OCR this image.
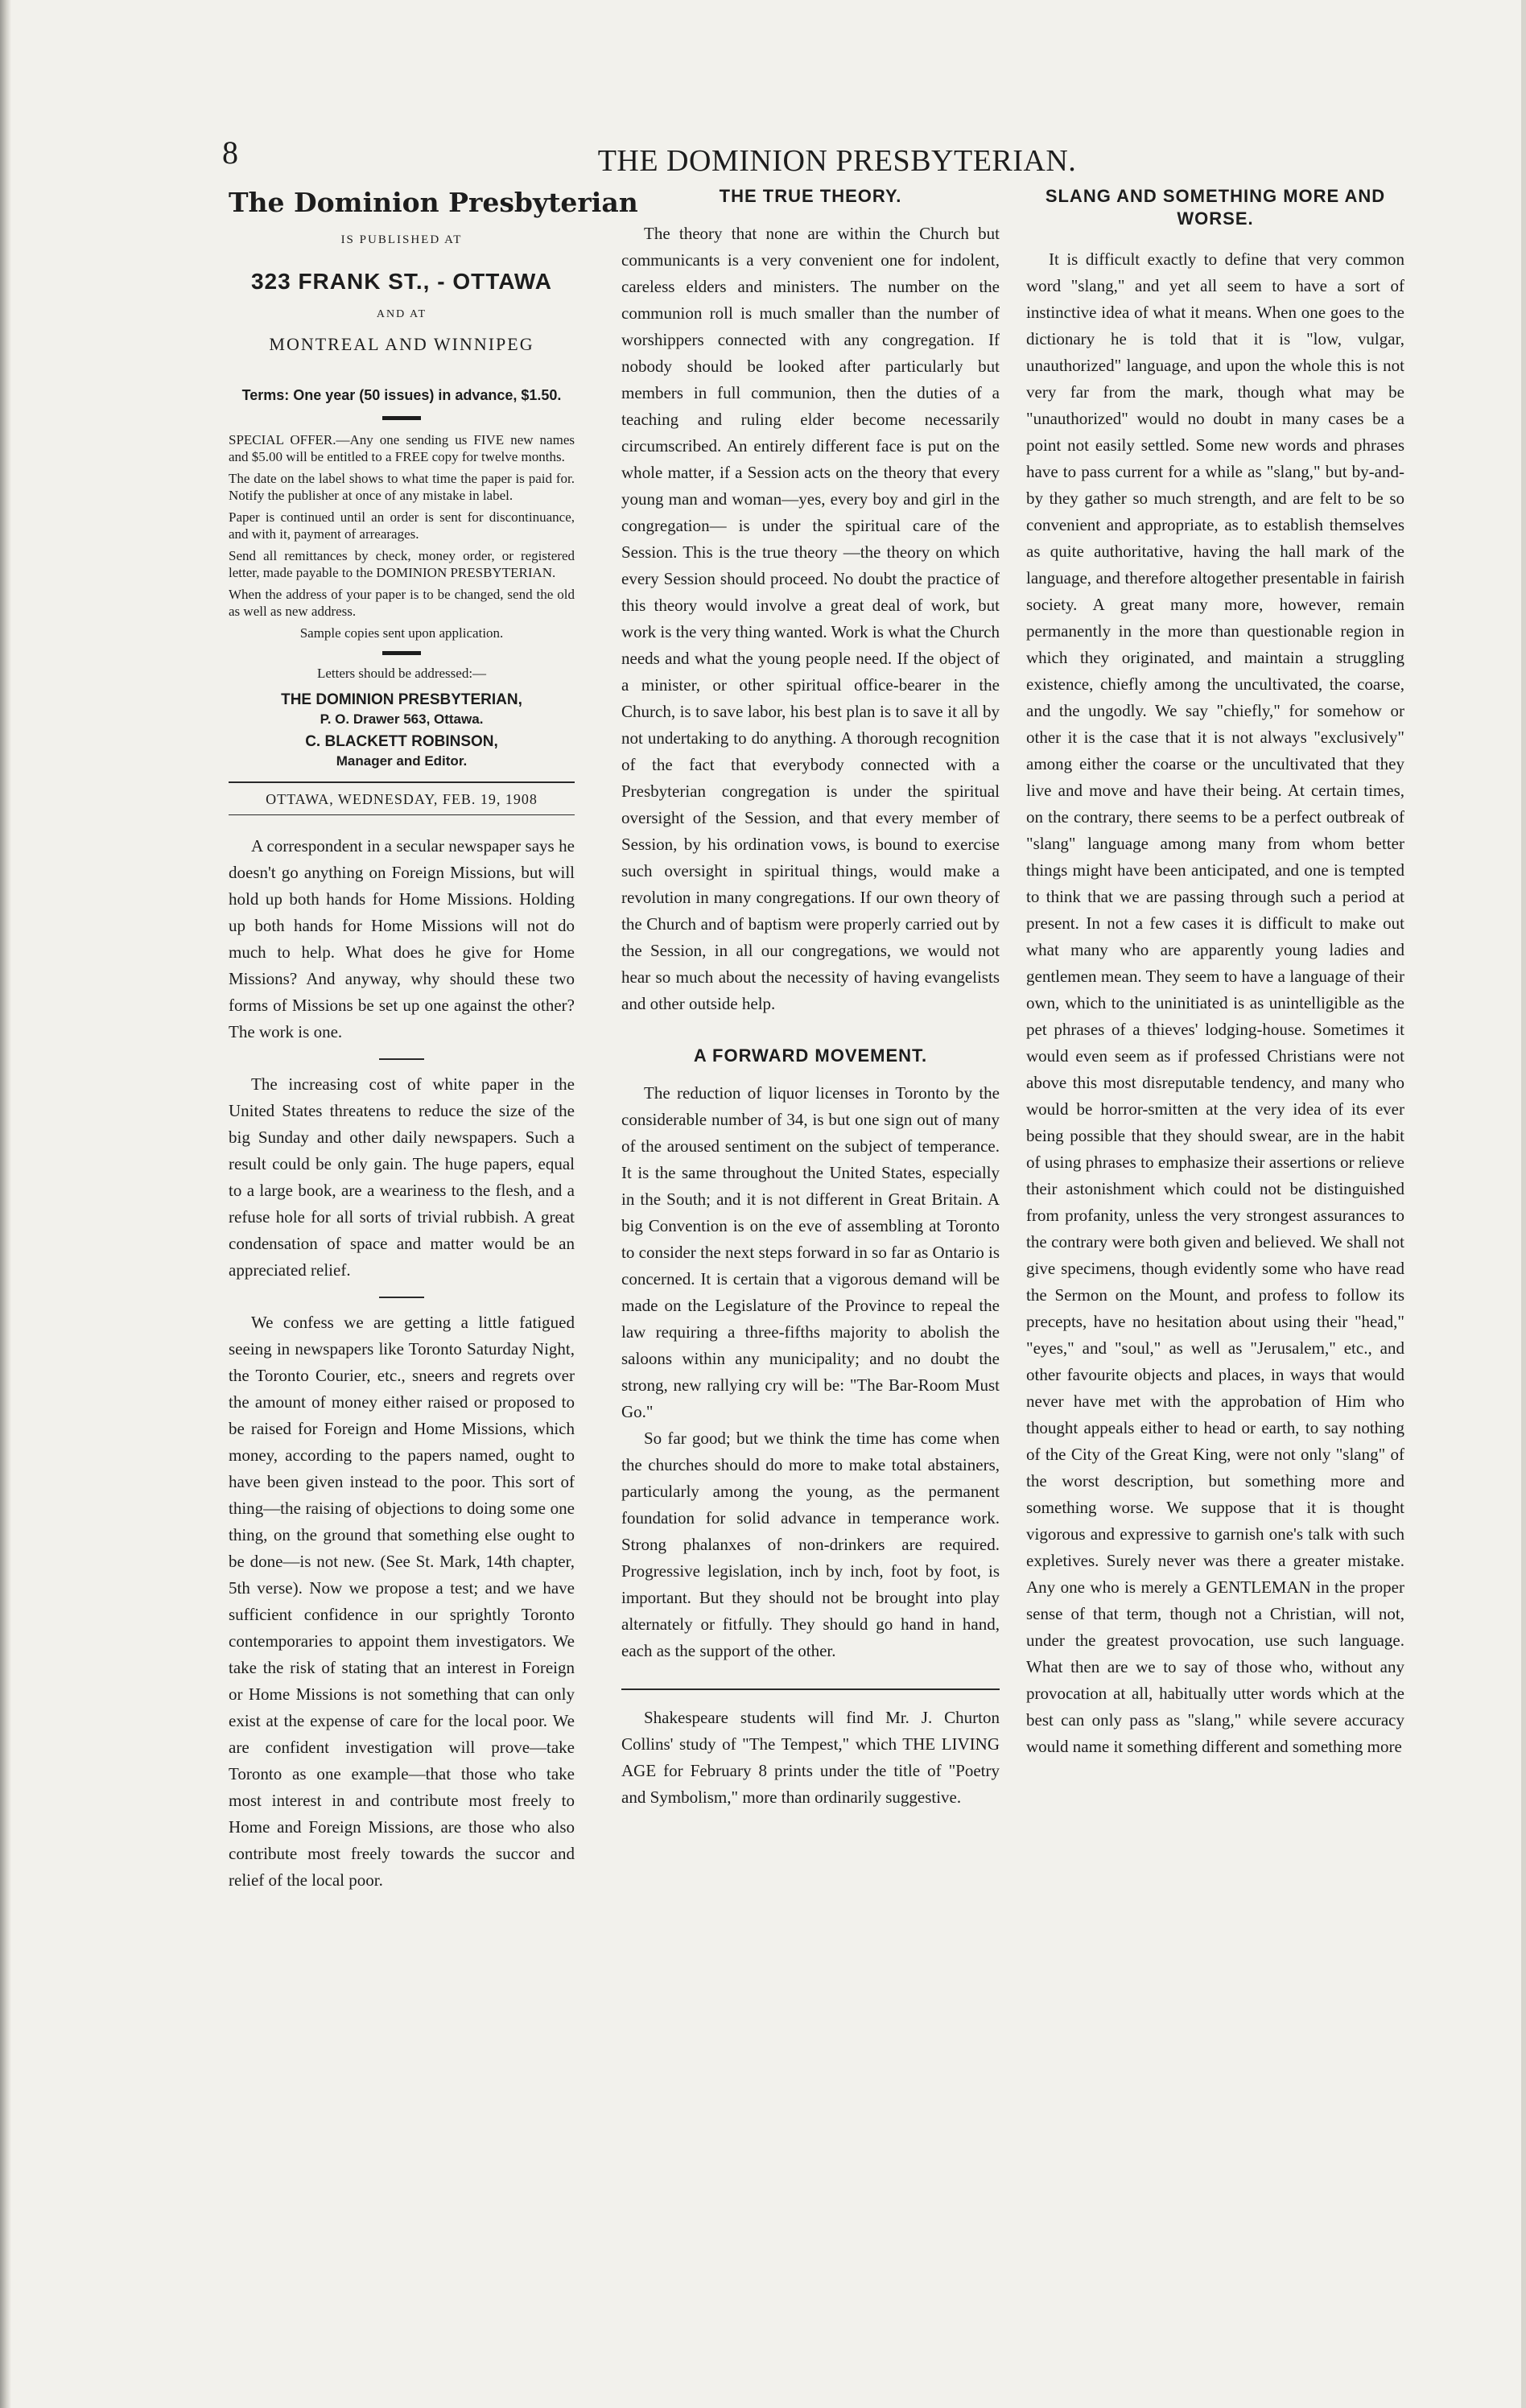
8	THE DOMINION PRESBYTERIAN.
The Dominion Presbyterian
IS PUBLISHED AT
323 FRANK ST., - OTTAWA
AND AT
MONTREAL AND WINNIPEG
Terms: One year (50 issues) in advance, $1.50.
SPECIAL OFFER.—Any one sending us FIVE new names and $5.00 will be entitled to a FREE copy for twelve months.
The date on the label shows to what time the paper is paid for. Notify the publisher at once of any mistake in label.
Paper is continued until an order is sent for discontinuance, and with it, payment of arrearages.
Send all remittances by check, money order, or registered letter, made payable to the DOMINION PRESBYTERIAN.
When the address of your paper is to be changed, send the old as well as new address.
Sample copies sent upon application.
Letters should be addressed:—
THE DOMINION PRESBYTERIAN,
P. O. Drawer 563, Ottawa.
C. BLACKETT ROBINSON,
Manager and Editor.
OTTAWA, WEDNESDAY, FEB. 19, 1908

A correspondent in a secular newspaper says he doesn't go anything on Foreign Missions, but will hold up both hands for Home Missions. Holding up both hands for Home Missions will not do much to help. What does he give for Home Missions? And anyway, why should these two forms of Missions be set up one against the other? The work is one.

The increasing cost of white paper in the United States threatens to reduce the size of the big Sunday and other daily newspapers. Such a result could be only gain. The huge papers, equal to a large book, are a weariness to the flesh, and a refuse hole for all sorts of trivial rubbish. A great condensation of space and matter would be an appreciated relief.

We confess we are getting a little fatigued seeing in newspapers like Toronto Saturday Night, the Toronto Courier, etc., sneers and regrets over the amount of money either raised or proposed to be raised for Foreign and Home Missions, which money, according to the papers named, ought to have been given instead to the poor. This sort of thing—the raising of objections to doing some one thing, on the ground that something else ought to be done—is not new. (See St. Mark, 14th chapter, 5th verse). Now we propose a test; and we have sufficient confidence in our sprightly Toronto contemporaries to appoint them investigators. We take the risk of stating that an interest in Foreign or Home Missions is not something that can only exist at the expense of care for the local poor. We are confident investigation will prove—take Toronto as one example—that those who take most interest in and contribute most freely to Home and Foreign Missions, are those who also contribute most freely towards the succor and relief of the local poor.

THE TRUE THEORY.

The theory that none are within the Church but communicants is a very convenient one for indolent, careless elders and ministers. The number on the communion roll is much smaller than the number of worshippers connected with any congregation. If nobody should be looked after particularly but members in full communion, then the duties of a teaching and ruling elder become necessarily circumscribed. An entirely different face is put on the whole matter, if a Session acts on the theory that every young man and woman—yes, every boy and girl in the congregation— is under the spiritual care of the Session. This is the true theory —the theory on which every Session should proceed. No doubt the practice of this theory would involve a great deal of work, but work is the very thing wanted. Work is what the Church needs and what the young people need. If the object of a minister, or other spiritual office-bearer in the Church, is to save labor, his best plan is to save it all by not undertaking to do anything. A thorough recognition of the fact that everybody connected with a Presbyterian congregation is under the spiritual oversight of the Session, and that every member of Session, by his ordination vows, is bound to exercise such oversight in spiritual things, would make a revolution in many congregations. If our own theory of the Church and of baptism were properly carried out by the Session, in all our congregations, we would not hear so much about the necessity of having evangelists and other outside help.

A FORWARD MOVEMENT.

The reduction of liquor licenses in Toronto by the considerable number of 34, is but one sign out of many of the aroused sentiment on the subject of temperance. It is the same throughout the United States, especially in the South; and it is not different in Great Britain. A big Convention is on the eve of assembling at Toronto to consider the next steps forward in so far as Ontario is concerned. It is certain that a vigorous demand will be made on the Legislature of the Province to repeal the law requiring a three-fifths majority to abolish the saloons within any municipality; and no doubt the strong, new rallying cry will be: "The Bar-Room Must Go."

So far good; but we think the time has come when the churches should do more to make total abstainers, particularly among the young, as the permanent foundation for solid advance in temperance work. Strong phalanxes of non-drinkers are required. Progressive legislation, inch by inch, foot by foot, is important. But they should not be brought into play alternately or fitfully. They should go hand in hand, each as the support of the other.

Shakespeare students will find Mr. J. Churton Collins' study of "The Tempest," which THE LIVING AGE for February 8 prints under the title of "Poetry and Symbolism," more than ordinarily suggestive.

SLANG AND SOMETHING MORE AND WORSE.

It is difficult exactly to define that very common word "slang," and yet all seem to have a sort of instinctive idea of what it means. When one goes to the dictionary he is told that it is "low, vulgar, unauthorized" language, and upon the whole this is not very far from the mark, though what may be "unauthorized" would no doubt in many cases be a point not easily settled. Some new words and phrases have to pass current for a while as "slang," but by-and-by they gather so much strength, and are felt to be so convenient and appropriate, as to establish themselves as quite authoritative, having the hall mark of the language, and therefore altogether presentable in fairish society. A great many more, however, remain permanently in the more than questionable region in which they originated, and maintain a struggling existence, chiefly among the uncultivated, the coarse, and the ungodly. We say "chiefly," for somehow or other it is the case that it is not always "exclusively" among either the coarse or the uncultivated that they live and move and have their being. At certain times, on the contrary, there seems to be a perfect outbreak of "slang" language among many from whom better things might have been anticipated, and one is tempted to think that we are passing through such a period at present. In not a few cases it is difficult to make out what many who are apparently young ladies and gentlemen mean. They seem to have a language of their own, which to the uninitiated is as unintelligible as the pet phrases of a thieves' lodging-house. Sometimes it would even seem as if professed Christians were not above this most disreputable tendency, and many who would be horror-smitten at the very idea of its ever being possible that they should swear, are in the habit of using phrases to emphasize their assertions or relieve their astonishment which could not be distinguished from profanity, unless the very strongest assurances to the contrary were both given and believed. We shall not give specimens, though evidently some who have read the Sermon on the Mount, and profess to follow its precepts, have no hesitation about using their "head," "eyes," and "soul," as well as "Jerusalem," etc., and other favourite objects and places, in ways that would never have met with the approbation of Him who thought appeals either to head or earth, to say nothing of the City of the Great King, were not only "slang" of the worst description, but something more and something worse. We suppose that it is thought vigorous and expressive to garnish one's talk with such expletives. Surely never was there a greater mistake. Any one who is merely a GENTLEMAN in the proper sense of that term, though not a Christian, will not, under the greatest provocation, use such language. What then are we to say of those who, without any provocation at all, habitually utter words which at the best can only pass as "slang," while severe accuracy would name it something different and something more
